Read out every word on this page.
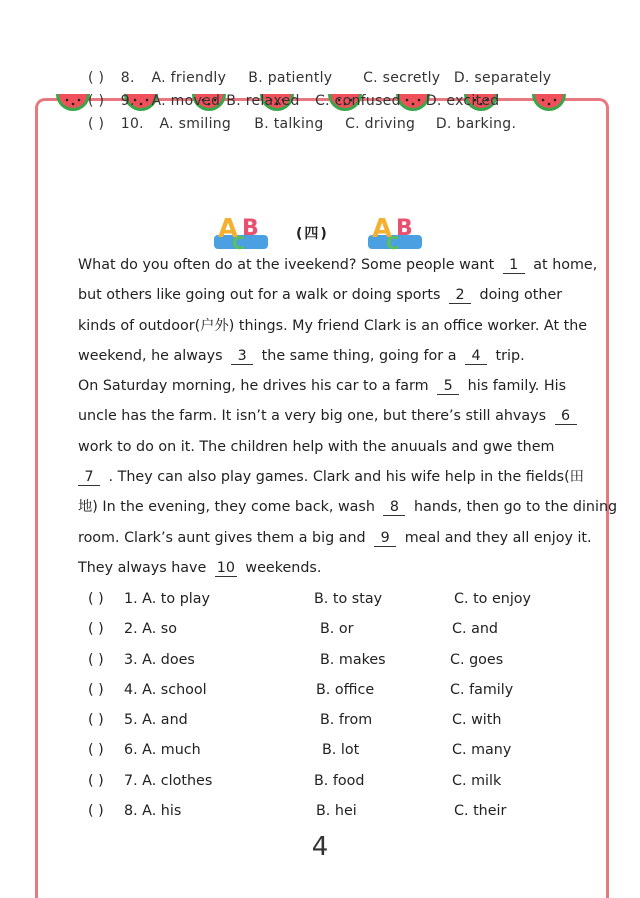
( ) 8. A. friendly B. patiently C. secretly D. separately
( ) 9. A. moved B. relaxed C. confused D. excited
( ) 10. A. smiling B. talking C. driving D. barking.
A B
C	(四) A B
C

What do you often do at the iveekend? Some people want 1 at home,

but others like going out for a walk or doing sports 2 doing other

kinds of outdoor(户外) things. My friend Clark is an office worker. At the

weekend, he always 3 the same thing, going for a 4 trip.

On Saturday morning, he drives his car to a farm 5 his family. His

uncle has the farm. It isn’t a very big one, but there’s still ahvays 6

work to do on it. The children help with the anuuals and gwe them

7 . They can also play games. Clark and his wife help in the fields(田

地) In the evening, they come back, wash 8 hands, then go to the dining

room. Clark’s aunt gives them a big and 9 meal and they all enjoy it.

They always have 10 weekends.

( ) 1. A. to play	B. to stay	C. to enjoy
( ) 2. A. so	B. or	C. and
( ) 3. A. does	B. makes	C. goes
( ) 4. A. school	B. office	C. family
( ) 5. A. and	B. from	C. with
( ) 6. A. much	B. lot	C. many
( ) 7. A. clothes	B. food	C. milk
( ) 8. A. his	B. hei	C. their
4
